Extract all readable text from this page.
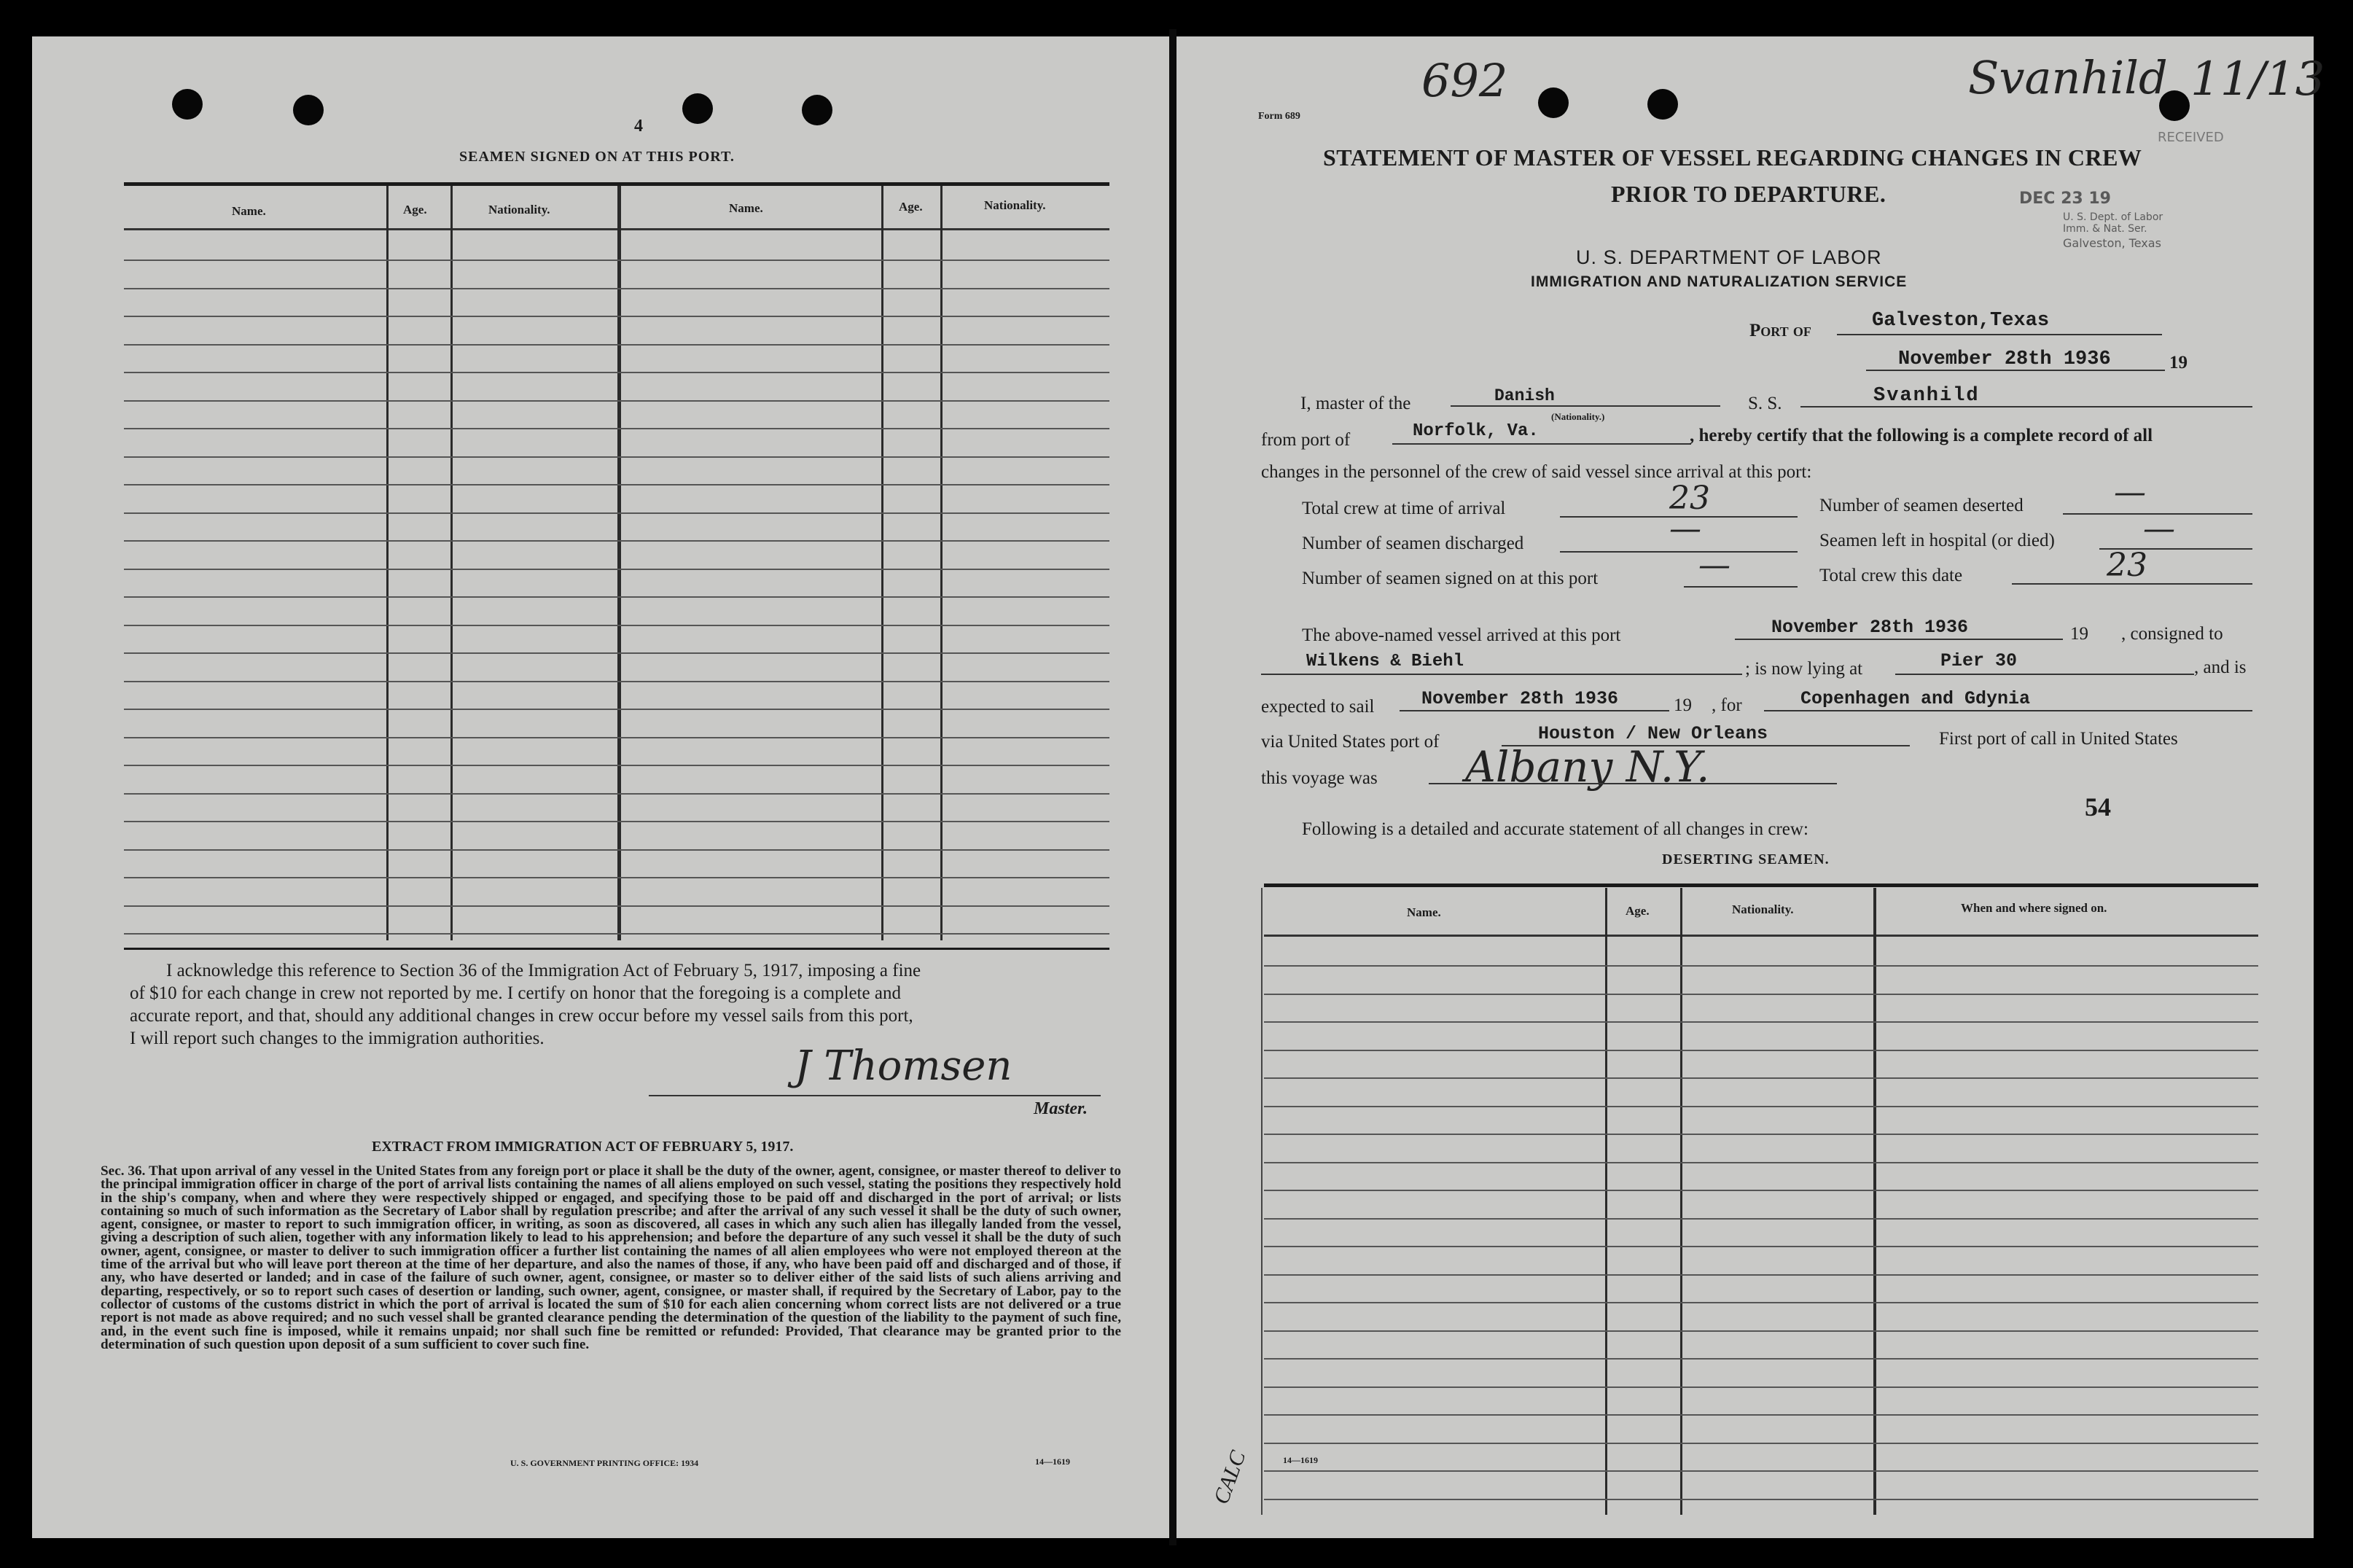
4
SEAMEN SIGNED ON AT THIS PORT.
Name.	Age.	Nationality.	Name.	Age.	Nationality.
I acknowledge this reference to Section 36 of the Immigration Act of February 5, 1917, imposing a fine
of $10 for each change in crew not reported by me. I certify on honor that the foregoing is a complete and
accurate report, and that, should any additional changes in crew occur before my vessel sails from this port,
I will report such changes to the immigration authorities.
J Thomsen
Master.
EXTRACT FROM IMMIGRATION ACT OF FEBRUARY 5, 1917.
Sec. 36. That upon arrival of any vessel in the United States from any foreign port or place it shall be the duty of the owner, agent, consignee, or master thereof to deliver to the principal immigration officer in charge of the port of arrival lists containing the names of all aliens employed on such vessel, stating the positions they respectively hold in the ship's company, when and where they were respectively shipped or engaged, and specifying those to be paid off and discharged in the port of arrival; or lists containing so much of such information as the Secretary of Labor shall by regulation prescribe; and after the arrival of any such vessel it shall be the duty of such owner, agent, consignee, or master to report to such immigration officer, in writing, as soon as discovered, all cases in which any such alien has illegally landed from the vessel, giving a description of such alien, together with any information likely to lead to his apprehension; and before the departure of any such vessel it shall be the duty of such owner, agent, consignee, or master to deliver to such immigration officer a further list containing the names of all alien employees who were not employed thereon at the time of the arrival but who will leave port thereon at the time of her departure, and also the names of those, if any, who have been paid off and discharged and of those, if any, who have deserted or landed; and in case of the failure of such owner, agent, consignee, or master so to deliver either of the said lists of such aliens arriving and departing, respectively, or so to report such cases of desertion or landing, such owner, agent, consignee, or master shall, if required by the Secretary of Labor, pay to the collector of customs of the customs district in which the port of arrival is located the sum of $10 for each alien concerning whom correct lists are not delivered or a true report is not made as above required; and no such vessel shall be granted clearance pending the determination of the question of the liability to the payment of such fine, and, in the event such fine is imposed, while it remains unpaid; nor shall such fine be remitted or refunded: Provided, That clearance may be granted prior to the determination of such question upon deposit of a sum sufficient to cover such fine.
U. S. GOVERNMENT PRINTING OFFICE: 1934	14—1619
Form 689
692	Svanhild 11/13
STATEMENT OF MASTER OF VESSEL REGARDING CHANGES IN CREW
PRIOR TO DEPARTURE.
RECEIVED
DEC 23 19
U. S. Dept. of Labor
Imm. & Nat. Ser.
Galveston, Texas
U. S. DEPARTMENT OF LABOR
IMMIGRATION AND NATURALIZATION SERVICE
Port of	Galveston,Texas
November 28th 1936	19
I, master of the	Danish
(Nationality.)
S. S.	Svanhild
from port of	Norfolk, Va.	, hereby certify that the following is a complete record of all
changes in the personnel of the crew of said vessel since arrival at this port:
Total crew at time of arrival	23	Number of seamen deserted	—
Number of seamen discharged	—	Seamen left in hospital (or died)	—
Number of seamen signed on at this port	—	Total crew this date	23
The above-named vessel arrived at this port	November 28th 1936	19 , consigned to
Wilkens & Biehl	; is now lying at	Pier 30	, and is
expected to sail	November 28th 1936	19 , for	Copenhagen and Gdynia
via United States port of	Houston / New Orleans	First port of call in United States
this voyage was Albany N.Y.
54
Following is a detailed and accurate statement of all changes in crew:
DESERTING SEAMEN.
Name.	Age.	Nationality.	When and where signed on.
CALC	14—1619
